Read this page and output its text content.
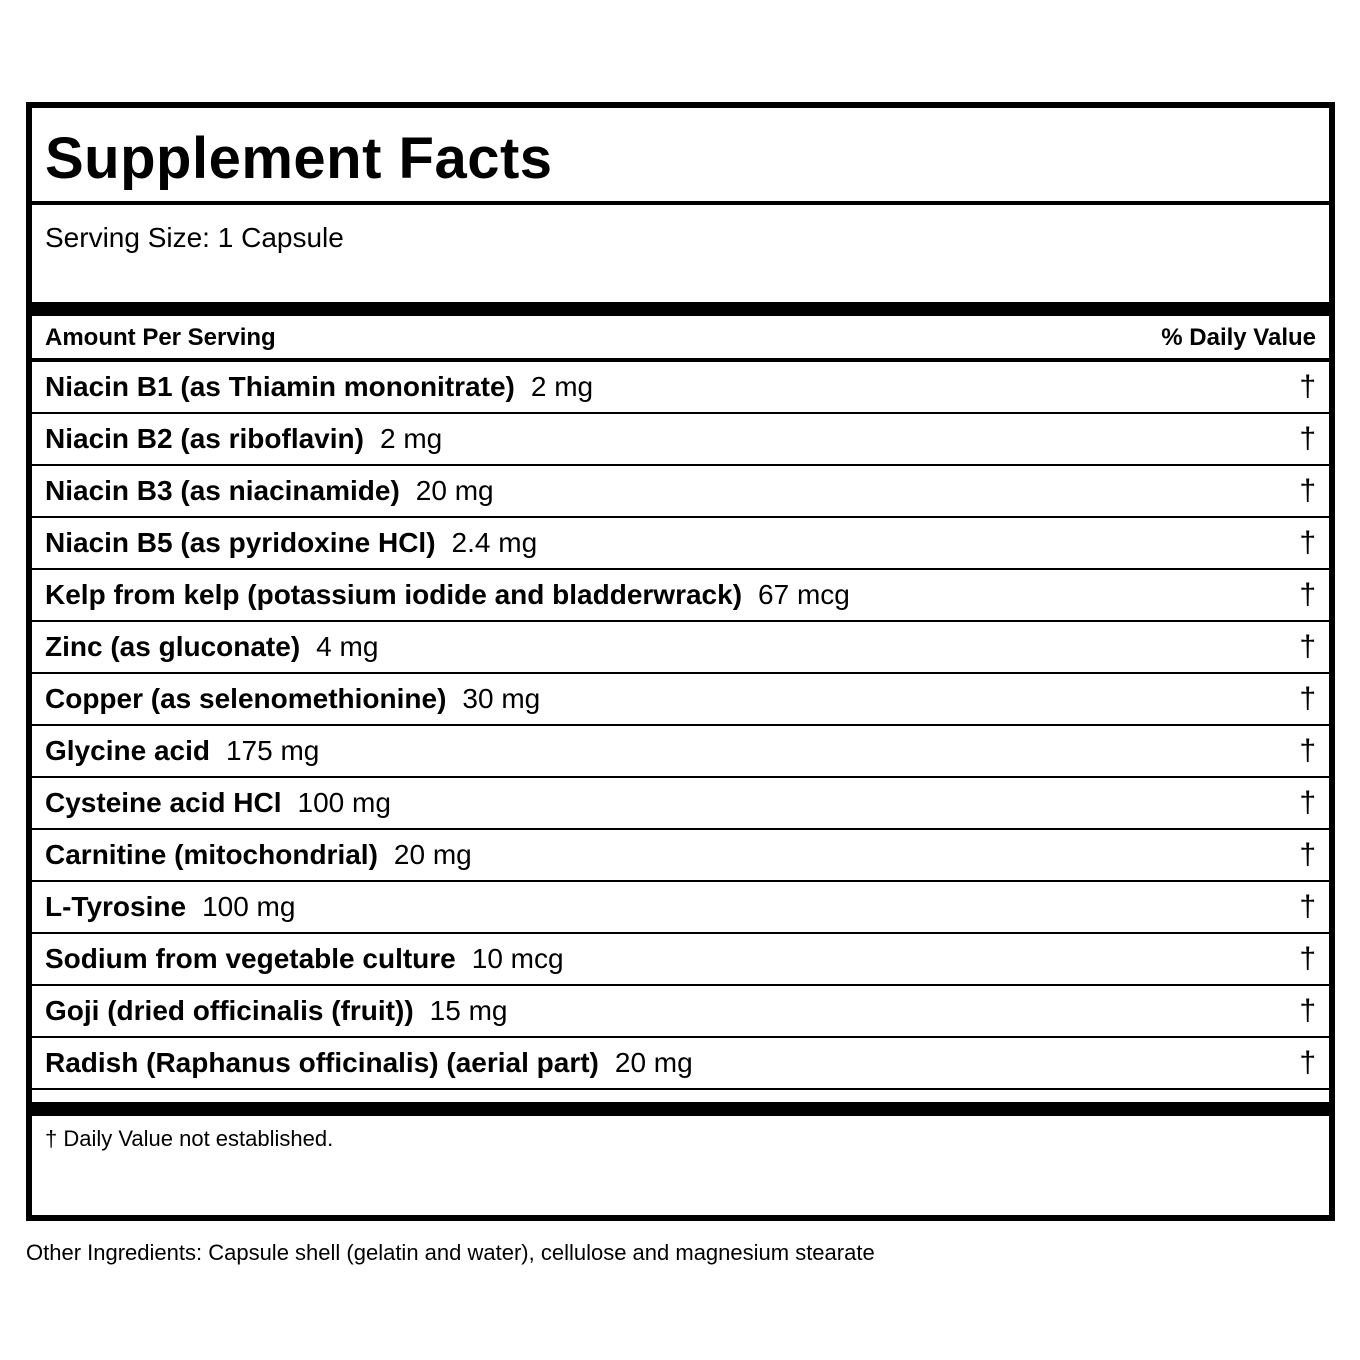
Supplement Facts
Serving Size: 1 Capsule
Amount Per Serving	% Daily Value
Niacin B1 (as Thiamin mononitrate) 2 mg	†
Niacin B2 (as riboflavin) 2 mg	†
Niacin B3 (as niacinamide) 20 mg	†
Niacin B5 (as pyridoxine HCl) 2.4 mg	†
Kelp from kelp (potassium iodide and bladderwrack) 67 mcg	†
Zinc (as gluconate) 4 mg	†
Copper (as selenomethionine) 30 mg	†
Glycine acid 175 mg	†
Cysteine acid HCl 100 mg	†
Carnitine (mitochondrial) 20 mg	†
L-Tyrosine 100 mg	†
Sodium from vegetable culture 10 mcg	†
Goji (dried officinalis (fruit)) 15 mg	†
Radish (Raphanus officinalis) (aerial part) 20 mg	†
† Daily Value not established.
Other Ingredients: Capsule shell (gelatin and water), cellulose and magnesium stearate
